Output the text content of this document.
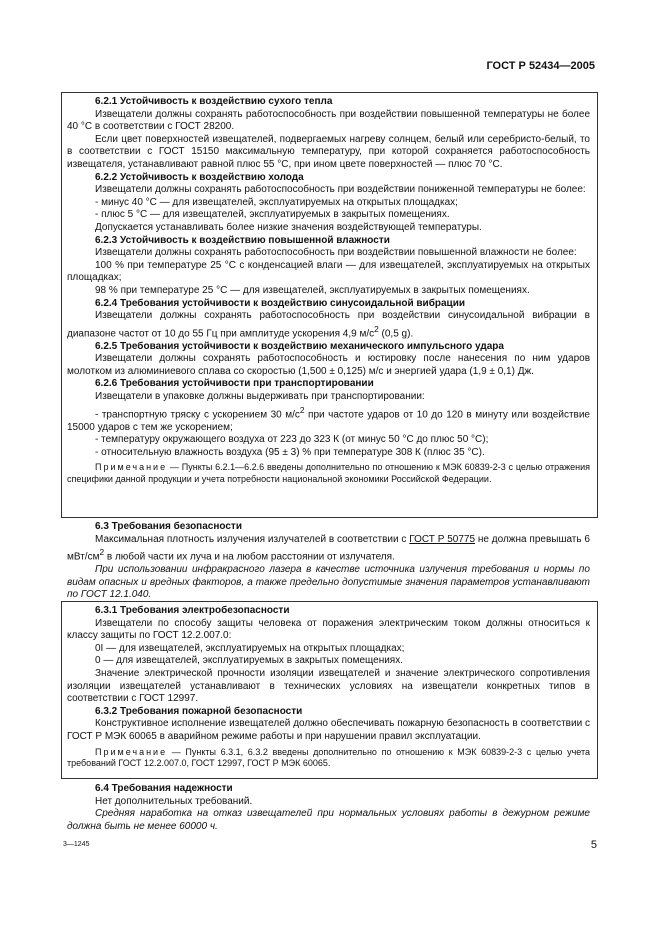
ГОСТ Р 52434—2005

6.2.1 Устойчивость к воздействию сухого тепла

Извещатели должны сохранять работоспособность при воздействии повышенной температуры не более 40 °С в соответствии с ГОСТ 28200.

Если цвет поверхностей извещателей, подвергаемых нагреву солнцем, белый или серебристо-белый, то в соответствии с ГОСТ 15150 максимальную температуру, при которой сохраняется работоспособность извещателя, устанавливают равной плюс 55 °С, при ином цвете поверхностей — плюс 70 °С.

6.2.2 Устойчивость к воздействию холода

Извещатели должны сохранять работоспособность при воздействии пониженной температуры не более:

- минус 40 °С — для извещателей, эксплуатируемых на открытых площадках;

- плюс 5 °С — для извещателей, эксплуатируемых в закрытых помещениях.

Допускается устанавливать более низкие значения воздействующей температуры.

6.2.3 Устойчивость к воздействию повышенной влажности

Извещатели должны сохранять работоспособность при воздействии повышенной влажности не более:

100 % при температуре 25 °С с конденсацией влаги — для извещателей, эксплуатируемых на открытых площадках;

98 % при температуре 25 °С — для извещателей, эксплуатируемых в закрытых помещениях.

6.2.4 Требования устойчивости к воздействию синусоидальной вибрации

Извещатели должны сохранять работоспособность при воздействии синусоидальной вибрации в диапазоне частот от 10 до 55 Гц при амплитуде ускорения 4,9 $м/с^2$ (0,5 g).

6.2.5 Требования устойчивости к воздействию механического импульсного удара

Извещатели должны сохранять работоспособность и юстировку после нанесения по ним ударов молотком из алюминиевого сплава со скоростью (1,500 ± 0,125) м/с и энергией удара (1,9 ± 0,1) Дж.

6.2.6 Требования устойчивости при транспортировании

Извещатели в упаковке должны выдерживать при транспортировании:

- транспортную тряску с ускорением 30 $м/с^2$ при частоте ударов от 10 до 120 в минуту или воздействие 15000 ударов с тем же ускорением;

- температуру окружающего воздуха от 223 до 323 К (от минус 50 °С до плюс 50 °С);

- относительную влажность воздуха (95 ± 3) % при температуре 308 К (плюс 35 °С).

Примечание — Пункты 6.2.1—6.2.6 введены дополнительно по отношению к МЭК 60839-2-3 с целью отражения специфики данной продукции и учета потребности национальной экономики Российской Федерации.

6.3 Требования безопасности

Максимальная плотность излучения излучателей в соответствии с ГОСТ Р 50775 не должна превышать 6 мВт/$см^2$ в любой части их луча и на любом расстоянии от излучателя.

При использовании инфракрасного лазера в качестве источника излучения требования и нормы по видам опасных и вредных факторов, а также предельно допустимые значения параметров устанавливают по ГОСТ 12.1.040.

6.3.1 Требования электробезопасности

Извещатели по способу защиты человека от поражения электрическим током должны относиться к классу защиты по ГОСТ 12.2.007.0:

0I — для извещателей, эксплуатируемых на открытых площадках;

0 — для извещателей, эксплуатируемых в закрытых помещениях.

Значение электрической прочности изоляции извещателей и значение электрического сопротивления изоляции извещателей устанавливают в технических условиях на извещатели конкретных типов в соответствии с ГОСТ 12997.

6.3.2 Требования пожарной безопасности

Конструктивное исполнение извещателей должно обеспечивать пожарную безопасность в соответствии с ГОСТ Р МЭК 60065 в аварийном режиме работы и при нарушении правил эксплуатации.

Примечание — Пункты 6.3.1, 6.3.2 введены дополнительно по отношению к МЭК 60839-2-3 с целью учета требований ГОСТ 12.2.007.0, ГОСТ 12997, ГОСТ Р МЭК 60065.

6.4 Требования надежности

Нет дополнительных требований.

Средняя наработка на отказ извещателей при нормальных условиях работы в дежурном режиме должна быть не менее 60000 ч.

3—1245	5
